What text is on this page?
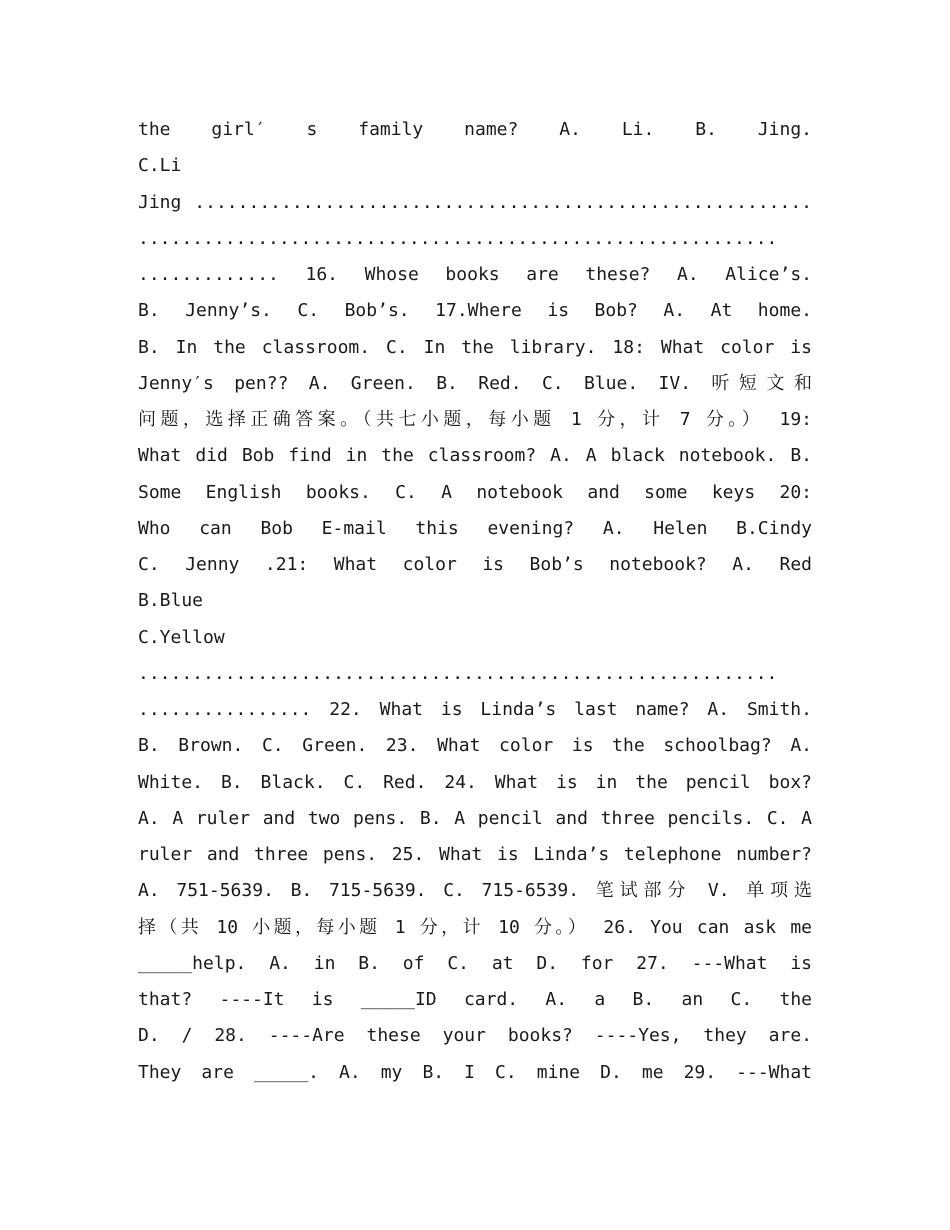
the girl′ s family name? A. Li. B. Jing.
C.Li
Jing .........................................................
...........................................................
............. 16. Whose books are these? A. Alice’s.
B. Jenny’s. C. Bob’s. 17.Where is Bob? A. At home.
B. In the classroom. C. In the library. 18: What color is
Jenny′s pen?? A. Green. B. Red. C. Blue. IV. 听短文和
问题，选择正确答案。（共七小题，每小题 1 分，计 7 分。） 19:
What did Bob find in the classroom? A. A black notebook. B.
Some English books. C. A notebook and some keys 20:
Who can Bob E-mail this evening? A. Helen B.Cindy
C. Jenny .21: What color is Bob’s notebook? A. Red
B.Blue
C.Yellow
...........................................................
................ 22. What is Linda’s last name? A. Smith.
B. Brown. C. Green. 23. What color is the schoolbag? A.
White. B. Black. C. Red. 24. What is in the pencil box?
A. A ruler and two pens. B. A pencil and three pencils. C. A
ruler and three pens. 25. What is Linda’s telephone number?
A. 751-5639. B. 715-5639. C. 715-6539. 笔试部分 V. 单项选
择（共 10 小题，每小题 1 分，计 10 分。） 26. You can ask me
_____help. A. in B. of C. at D. for 27. ---What is
that? ----It is _____ID card. A. a B. an C. the
D. / 28. ----Are these your books? ----Yes, they are.
They are _____. A. my B. I C. mine D. me 29. ---What
